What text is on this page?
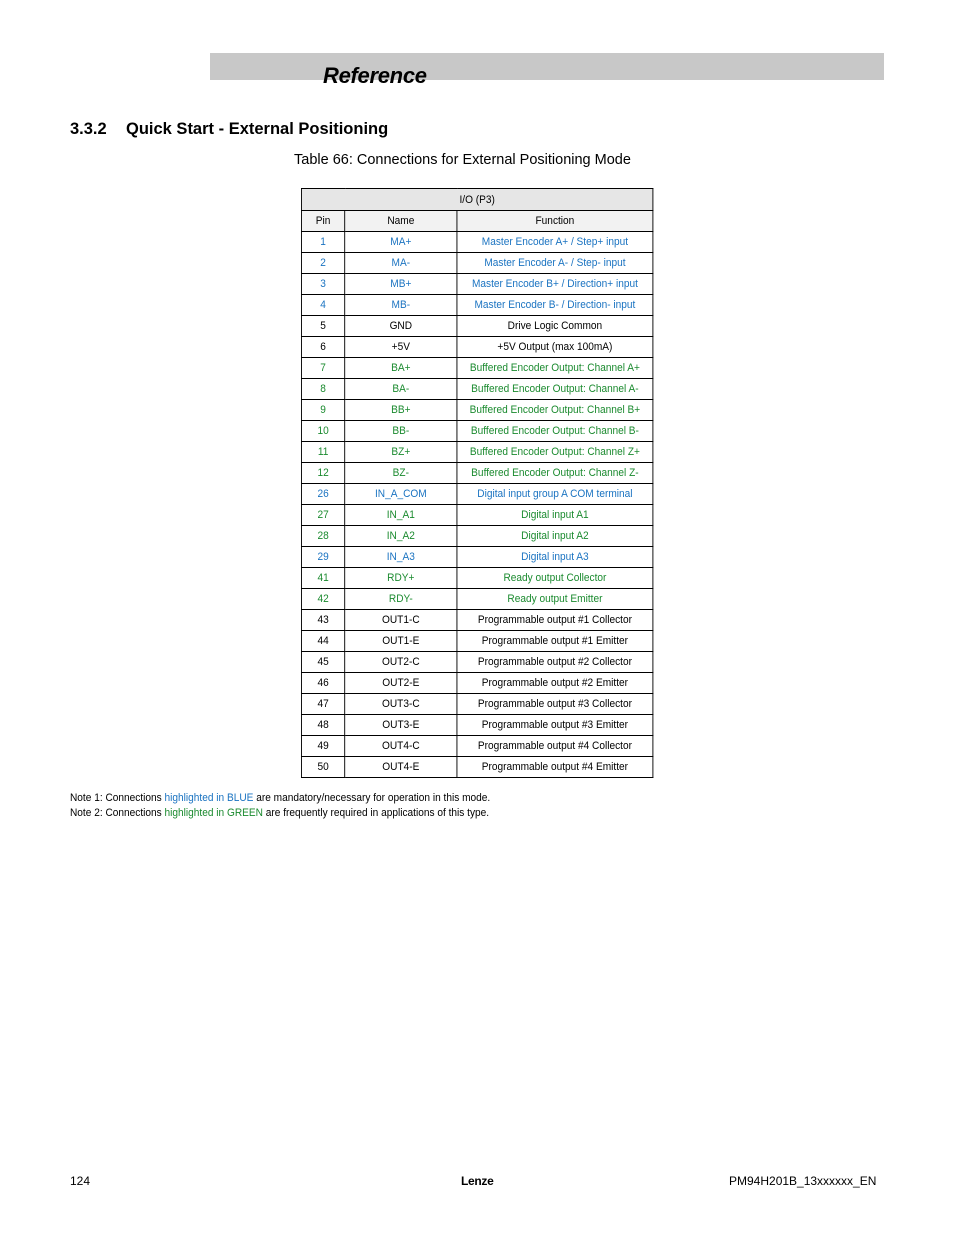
Reference
3.3.2 Quick Start - External Positioning
Table 66: Connections for External Positioning Mode
I/O (P3)		
Pin	Name	Function
1	MA+	Master Encoder A+ / Step+ input
2	MA-	Master Encoder A- / Step- input
3	MB+	Master Encoder B+ / Direction+ input
4	MB-	Master Encoder B- / Direction- input
5	GND	Drive Logic Common
6	+5V	+5V Output (max 100mA)
7	BA+	Buffered Encoder Output: Channel A+
8	BA-	Buffered Encoder Output: Channel A-
9	BB+	Buffered Encoder Output: Channel B+
10	BB-	Buffered Encoder Output: Channel B-
11	BZ+	Buffered Encoder Output: Channel Z+
12	BZ-	Buffered Encoder Output: Channel Z-
26	IN_A_COM	Digital input group A COM terminal
27	IN_A1	Digital input A1
28	IN_A2	Digital input A2
29	IN_A3	Digital input A3
41	RDY+	Ready output Collector
42	RDY-	Ready output Emitter
43	OUT1-C	Programmable output #1 Collector
44	OUT1-E	Programmable output #1 Emitter
45	OUT2-C	Programmable output #2 Collector
46	OUT2-E	Programmable output #2 Emitter
47	OUT3-C	Programmable output #3 Collector
48	OUT3-E	Programmable output #3 Emitter
49	OUT4-C	Programmable output #4 Collector
50	OUT4-E	Programmable output #4 Emitter
Note 1: Connections highlighted in BLUE are mandatory/necessary for operation in this mode.
Note 2: Connections highlighted in GREEN are frequently required in applications of this type.
124	Lenze	PM94H201B_13xxxxxx_EN
